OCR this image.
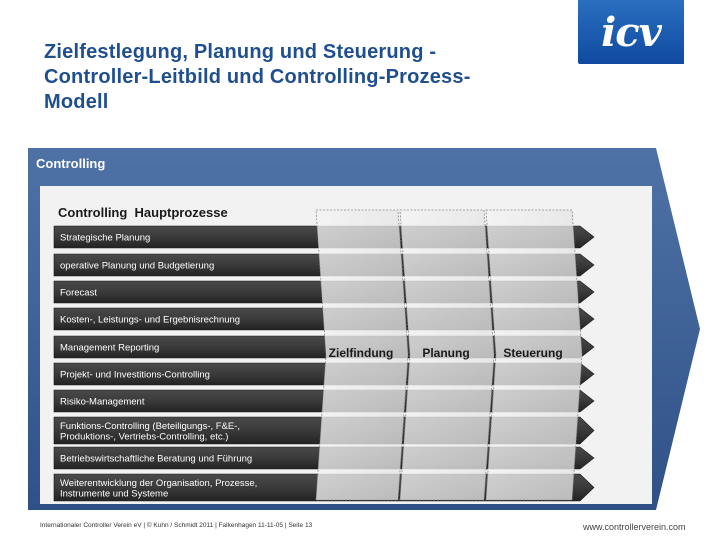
Zielfestlegung, Planung und Steuerung -
Controller-Leitbild und Controlling-Prozess-
Modell
icv
Controlling
Controlling  Hauptprozesse
Strategische Planung
operative Planung und Budgetierung
Forecast
Kosten-, Leistungs- und Ergebnisrechnung
Management Reporting
Projekt- und Investitions-Controlling
Risiko-Management
Funktions-Controlling (Beteiligungs-, F&E-, Produktions-, Vertriebs-Controlling, etc.)
Betriebswirtschaftliche Beratung und Führung
Weiterentwicklung der Organisation, Prozesse, Instrumente und Systeme
Zielfindung Planung	Steuerung
Internationaler Controller Verein eV | © Kuhn / Schmidt 2011 | Falkenhagen 11-11-05 | Seite 13	www.controllerverein.com
